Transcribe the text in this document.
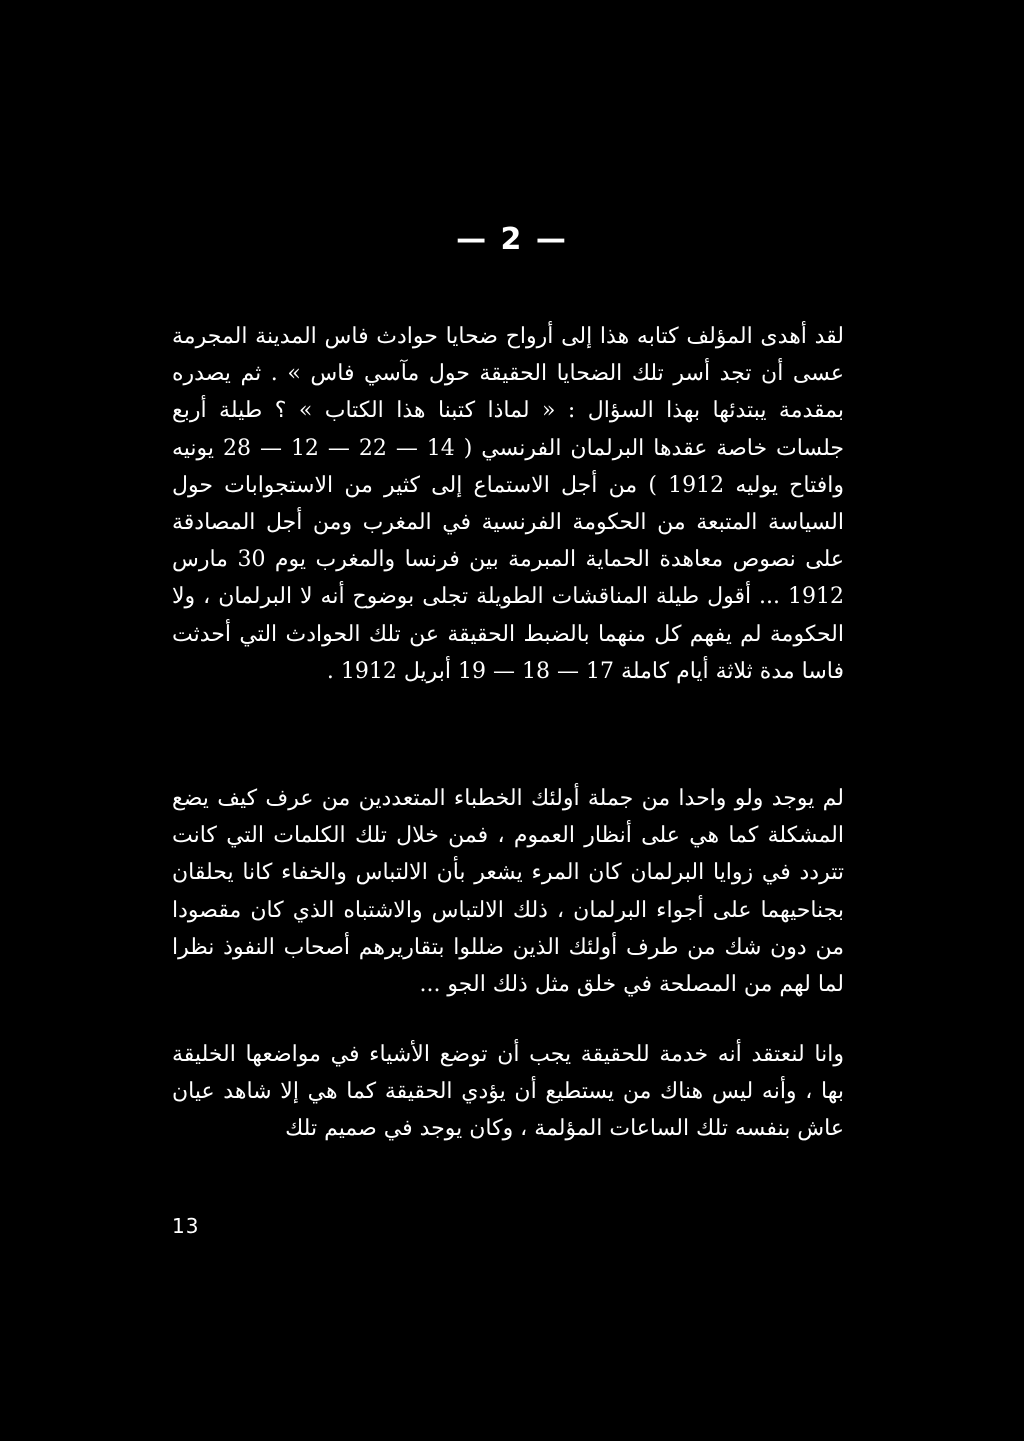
— 2 —

لقد أهدى المؤلف كتابه هذا إلى أرواح ضحايا حوادث فاس المدينة المجرمة عسى أن تجد أسر تلك الضحايا الحقيقة حول مآسي فاس » . ثم يصدره بمقدمة يبتدئها بهذا السؤال : « لماذا كتبنا هذا الكتاب » ؟ طيلة أربع جلسات خاصة عقدها البرلمان الفرنسي ( 14 — 22 — 12 — 28 يونيه وافتاح يوليه 1912 ) من أجل الاستماع إلى كثير من الاستجوابات حول السياسة المتبعة من الحكومة الفرنسية في المغرب ومن أجل المصادقة على نصوص معاهدة الحماية المبرمة بين فرنسا والمغرب يوم 30 مارس 1912 ... أقول طيلة المناقشات الطويلة تجلى بوضوح أنه لا البرلمان ، ولا الحكومة لم يفهم كل منهما بالضبط الحقيقة عن تلك الحوادث التي أحدثت فاسا مدة ثلاثة أيام كاملة 17 — 18 — 19 أبريل 1912 .

لم يوجد ولو واحدا من جملة أولئك الخطباء المتعددين من عرف كيف يضع المشكلة كما هي على أنظار العموم ، فمن خلال تلك الكلمات التي كانت تتردد في زوايا البرلمان كان المرء يشعر بأن الالتباس والخفاء كانا يحلقان بجناحيهما على أجواء البرلمان ، ذلك الالتباس والاشتباه الذي كان مقصودا من دون شك من طرف أولئك الذين ضللوا بتقاريرهم أصحاب النفوذ نظرا لما لهم من المصلحة في خلق مثل ذلك الجو ...

وانا لنعتقد أنه خدمة للحقيقة يجب أن توضع الأشياء في مواضعها الخليقة بها ، وأنه ليس هناك من يستطيع أن يؤدي الحقيقة كما هي إلا شاهد عيان عاش بنفسه تلك الساعات المؤلمة ، وكان يوجد في صميم تلك

13
